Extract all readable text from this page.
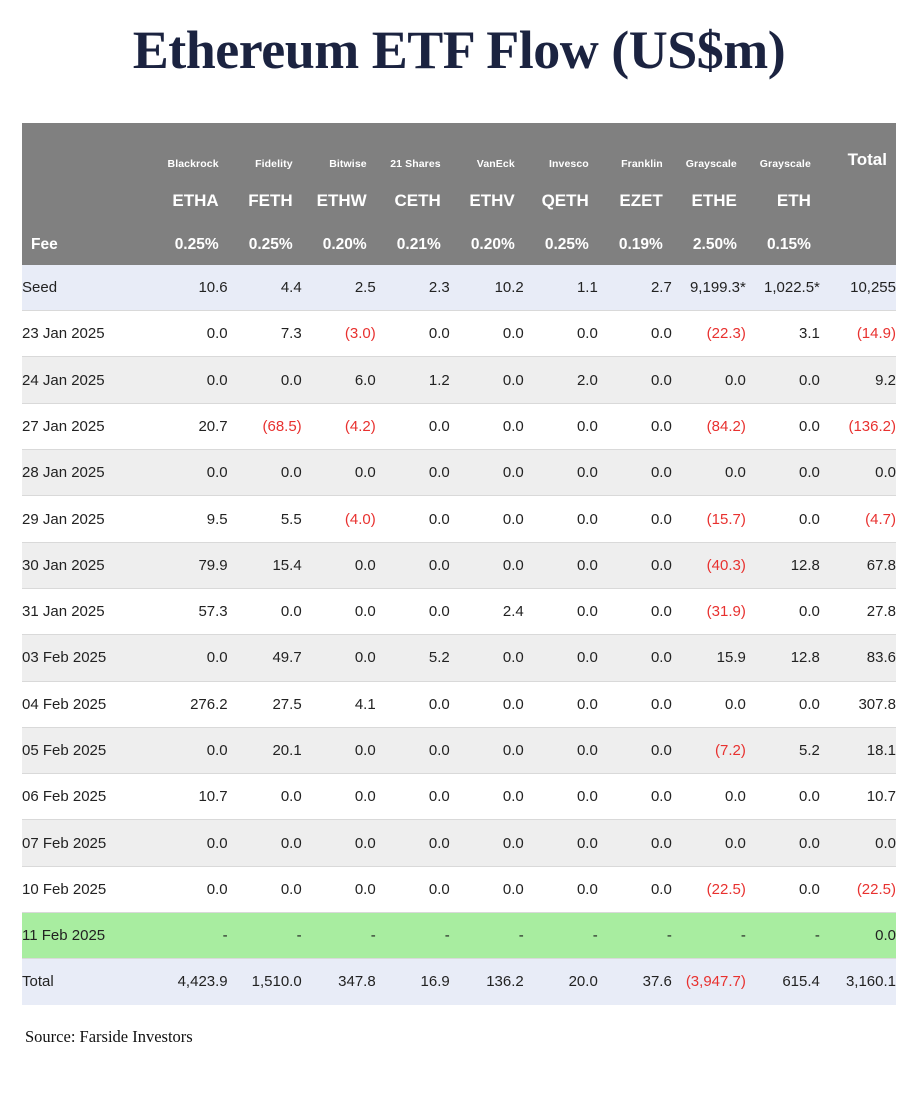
Ethereum ETF Flow (US$m)
	Blackrock	Fidelity	Bitwise	21 Shares	VanEck	Invesco	Franklin	Grayscale	Grayscale	Total
	ETHA	FETH	ETHW	CETH	ETHV	QETH	EZET	ETHE	ETH	
Fee	0.25%	0.25%	0.20%	0.21%	0.20%	0.25%	0.19%	2.50%	0.15%	
Seed	10.6	4.4	2.5	2.3	10.2	1.1	2.7	9,199.3*	1,022.5*	10,255
23 Jan 2025	0.0	7.3	(3.0)	0.0	0.0	0.0	0.0	(22.3)	3.1	(14.9)
24 Jan 2025	0.0	0.0	6.0	1.2	0.0	2.0	0.0	0.0	0.0	9.2
27 Jan 2025	20.7	(68.5)	(4.2)	0.0	0.0	0.0	0.0	(84.2)	0.0	(136.2)
28 Jan 2025	0.0	0.0	0.0	0.0	0.0	0.0	0.0	0.0	0.0	0.0
29 Jan 2025	9.5	5.5	(4.0)	0.0	0.0	0.0	0.0	(15.7)	0.0	(4.7)
30 Jan 2025	79.9	15.4	0.0	0.0	0.0	0.0	0.0	(40.3)	12.8	67.8
31 Jan 2025	57.3	0.0	0.0	0.0	2.4	0.0	0.0	(31.9)	0.0	27.8
03 Feb 2025	0.0	49.7	0.0	5.2	0.0	0.0	0.0	15.9	12.8	83.6
04 Feb 2025	276.2	27.5	4.1	0.0	0.0	0.0	0.0	0.0	0.0	307.8
05 Feb 2025	0.0	20.1	0.0	0.0	0.0	0.0	0.0	(7.2)	5.2	18.1
06 Feb 2025	10.7	0.0	0.0	0.0	0.0	0.0	0.0	0.0	0.0	10.7
07 Feb 2025	0.0	0.0	0.0	0.0	0.0	0.0	0.0	0.0	0.0	0.0
10 Feb 2025	0.0	0.0	0.0	0.0	0.0	0.0	0.0	(22.5)	0.0	(22.5)
11 Feb 2025	-	-	-	-	-	-	-	-	-	0.0
Total	4,423.9	1,510.0	347.8	16.9	136.2	20.0	37.6	(3,947.7)	615.4	3,160.1
Source: Farside Investors
